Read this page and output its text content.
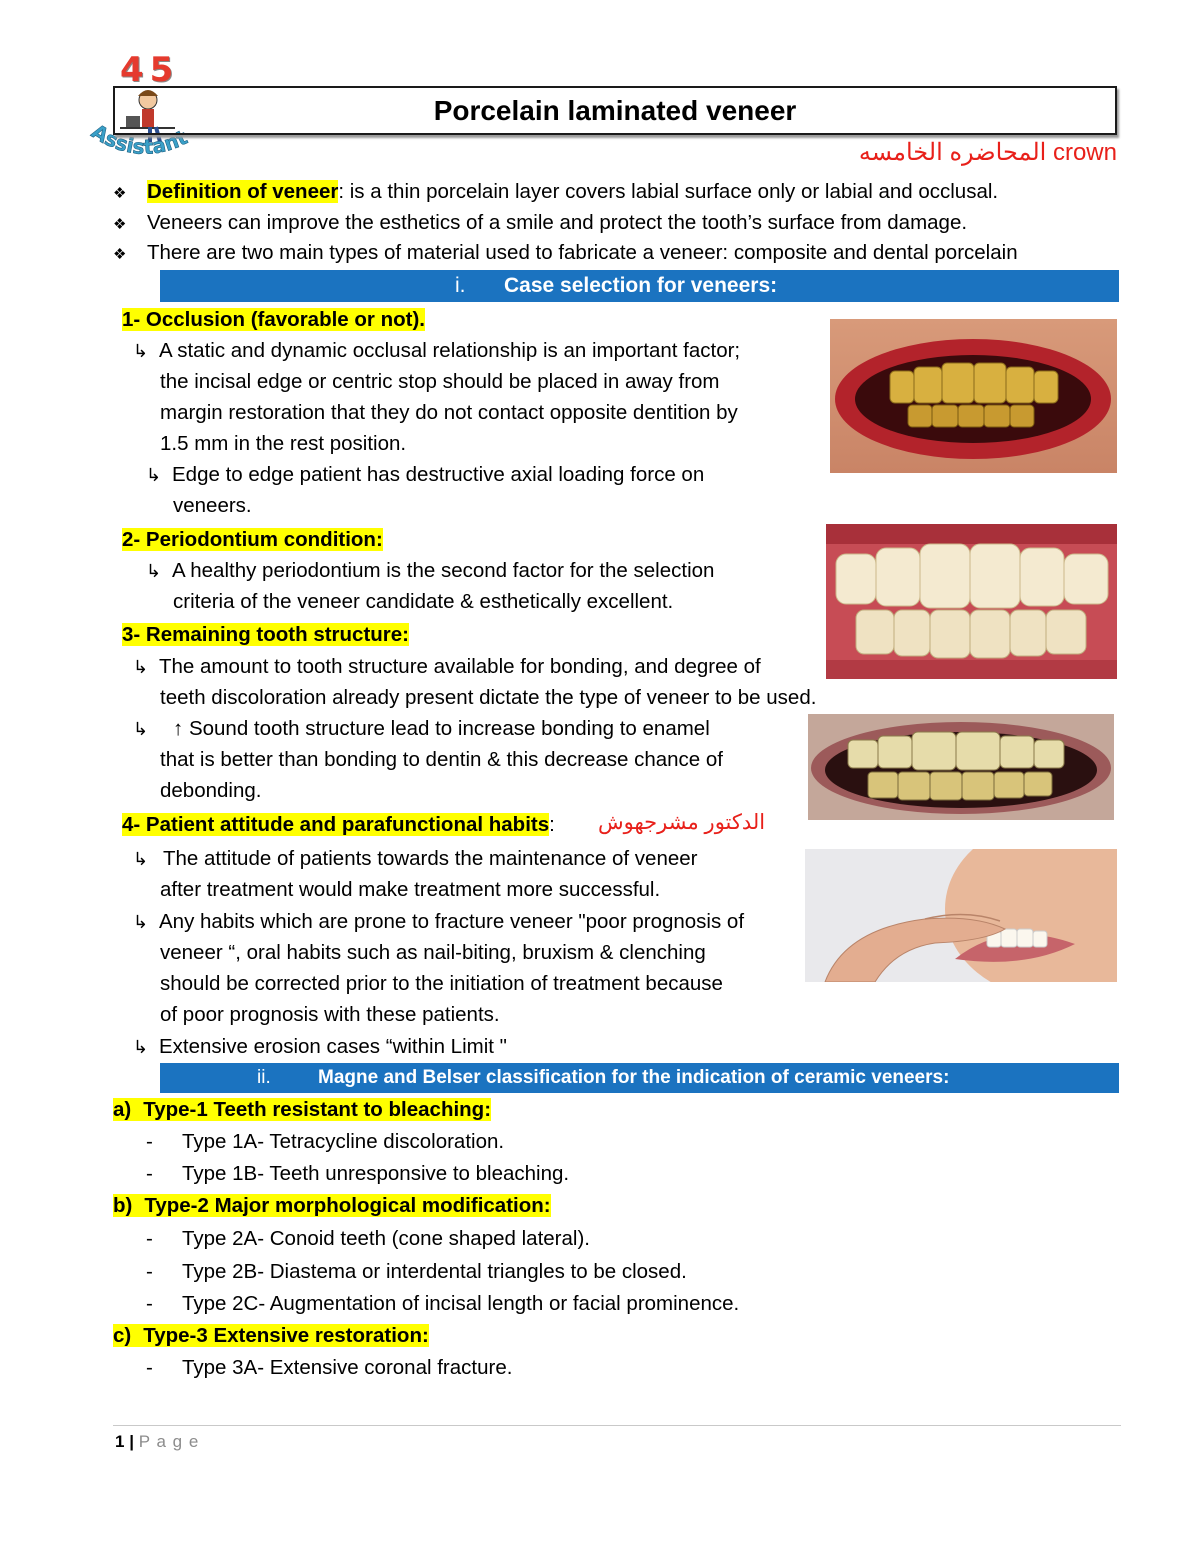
45
Assistant
Porcelain laminated veneer
crown المحاضره الخامسه
❖ Definition of veneer: is a thin porcelain layer covers labial surface only or labial and occlusal.
❖ Veneers can improve the esthetics of a smile and protect the tooth’s surface from damage.
❖ There are two main types of material used to fabricate a veneer: composite and dental porcelain
i. Case selection for veneers:
1- Occlusion (favorable or not).
↳ A static and dynamic occlusal relationship is an important factor;
the incisal edge or centric stop should be placed in away from
margin restoration that they do not contact opposite dentition by
1.5 mm in the rest position.
↳ Edge to edge patient has destructive axial loading force on
veneers.
2- Periodontium condition:
↳ A healthy periodontium is the second factor for the selection
criteria of the veneer candidate & esthetically excellent.
3- Remaining tooth structure:
↳ The amount to tooth structure available for bonding, and degree of
teeth discoloration already present dictate the type of veneer to be used.
↳ ↑ Sound tooth structure lead to increase bonding to enamel
that is better than bonding to dentin & this decrease chance of
debonding.
4- Patient attitude and parafunctional habits: الدكتور مشرجهوش
↳ The attitude of patients towards the maintenance of veneer
after treatment would make treatment more successful.
↳ Any habits which are prone to fracture veneer "poor prognosis of
veneer “, oral habits such as nail-biting, bruxism & clenching
should be corrected prior to the initiation of treatment because
of poor prognosis with these patients.
↳ Extensive erosion cases “within Limit "
ii. Magne and Belser classification for the indication of ceramic veneers:
a) Type-1 Teeth resistant to bleaching:
- Type 1A- Tetracycline discoloration.
- Type 1B- Teeth unresponsive to bleaching.
b) Type-2 Major morphological modification:
- Type 2A- Conoid teeth (cone shaped lateral).
- Type 2B- Diastema or interdental triangles to be closed.
- Type 2C- Augmentation of incisal length or facial prominence.
c) Type-3 Extensive restoration:
- Type 3A- Extensive coronal fracture.
1 | P a g e
